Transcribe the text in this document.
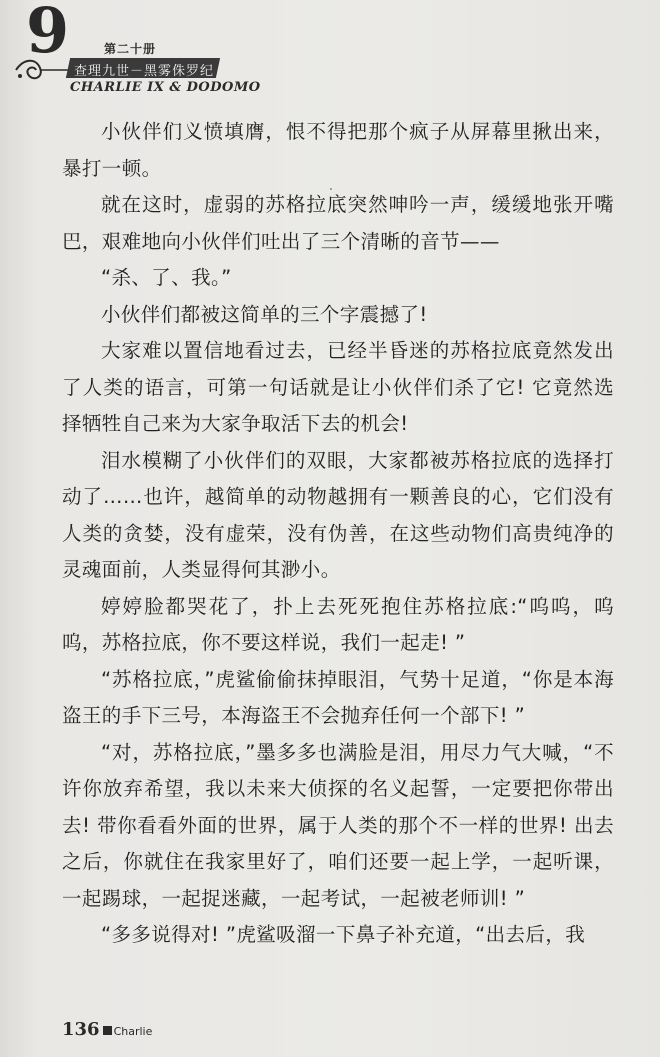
9	第二十册
查理九世－黑雾侏罗纪
CHARLIE IX & DODOMO

小伙伴们义愤填膺，恨不得把那个疯子从屏幕里揪出来，暴打一顿。

就在这时，虚弱的苏格拉底突然呻吟一声，缓缓地张开嘴巴，艰难地向小伙伴们吐出了三个清晰的音节——

“杀、了、我。”

小伙伴们都被这简单的三个字震撼了!

大家难以置信地看过去，已经半昏迷的苏格拉底竟然发出了人类的语言，可第一句话就是让小伙伴们杀了它! 它竟然选择牺牲自己来为大家争取活下去的机会!

泪水模糊了小伙伴们的双眼，大家都被苏格拉底的选择打动了……也许，越简单的动物越拥有一颗善良的心，它们没有人类的贪婪，没有虚荣，没有伪善，在这些动物们高贵纯净的灵魂面前，人类显得何其渺小。

婷婷脸都哭花了，扑上去死死抱住苏格拉底:“呜呜，呜呜，苏格拉底，你不要这样说，我们一起走! ”

“苏格拉底，”虎鲨偷偷抹掉眼泪，气势十足道，“你是本海盗王的手下三号，本海盗王不会抛弃任何一个部下! ”

“对，苏格拉底，”墨多多也满脸是泪，用尽力气大喊，“不许你放弃希望，我以未来大侦探的名义起誓，一定要把你带出去! 带你看看外面的世界，属于人类的那个不一样的世界! 出去之后，你就住在我家里好了，咱们还要一起上学，一起听课，一起踢球，一起捉迷藏，一起考试，一起被老师训! ”

“多多说得对! ”虎鲨吸溜一下鼻子补充道，“出去后，我

136 Charlie
